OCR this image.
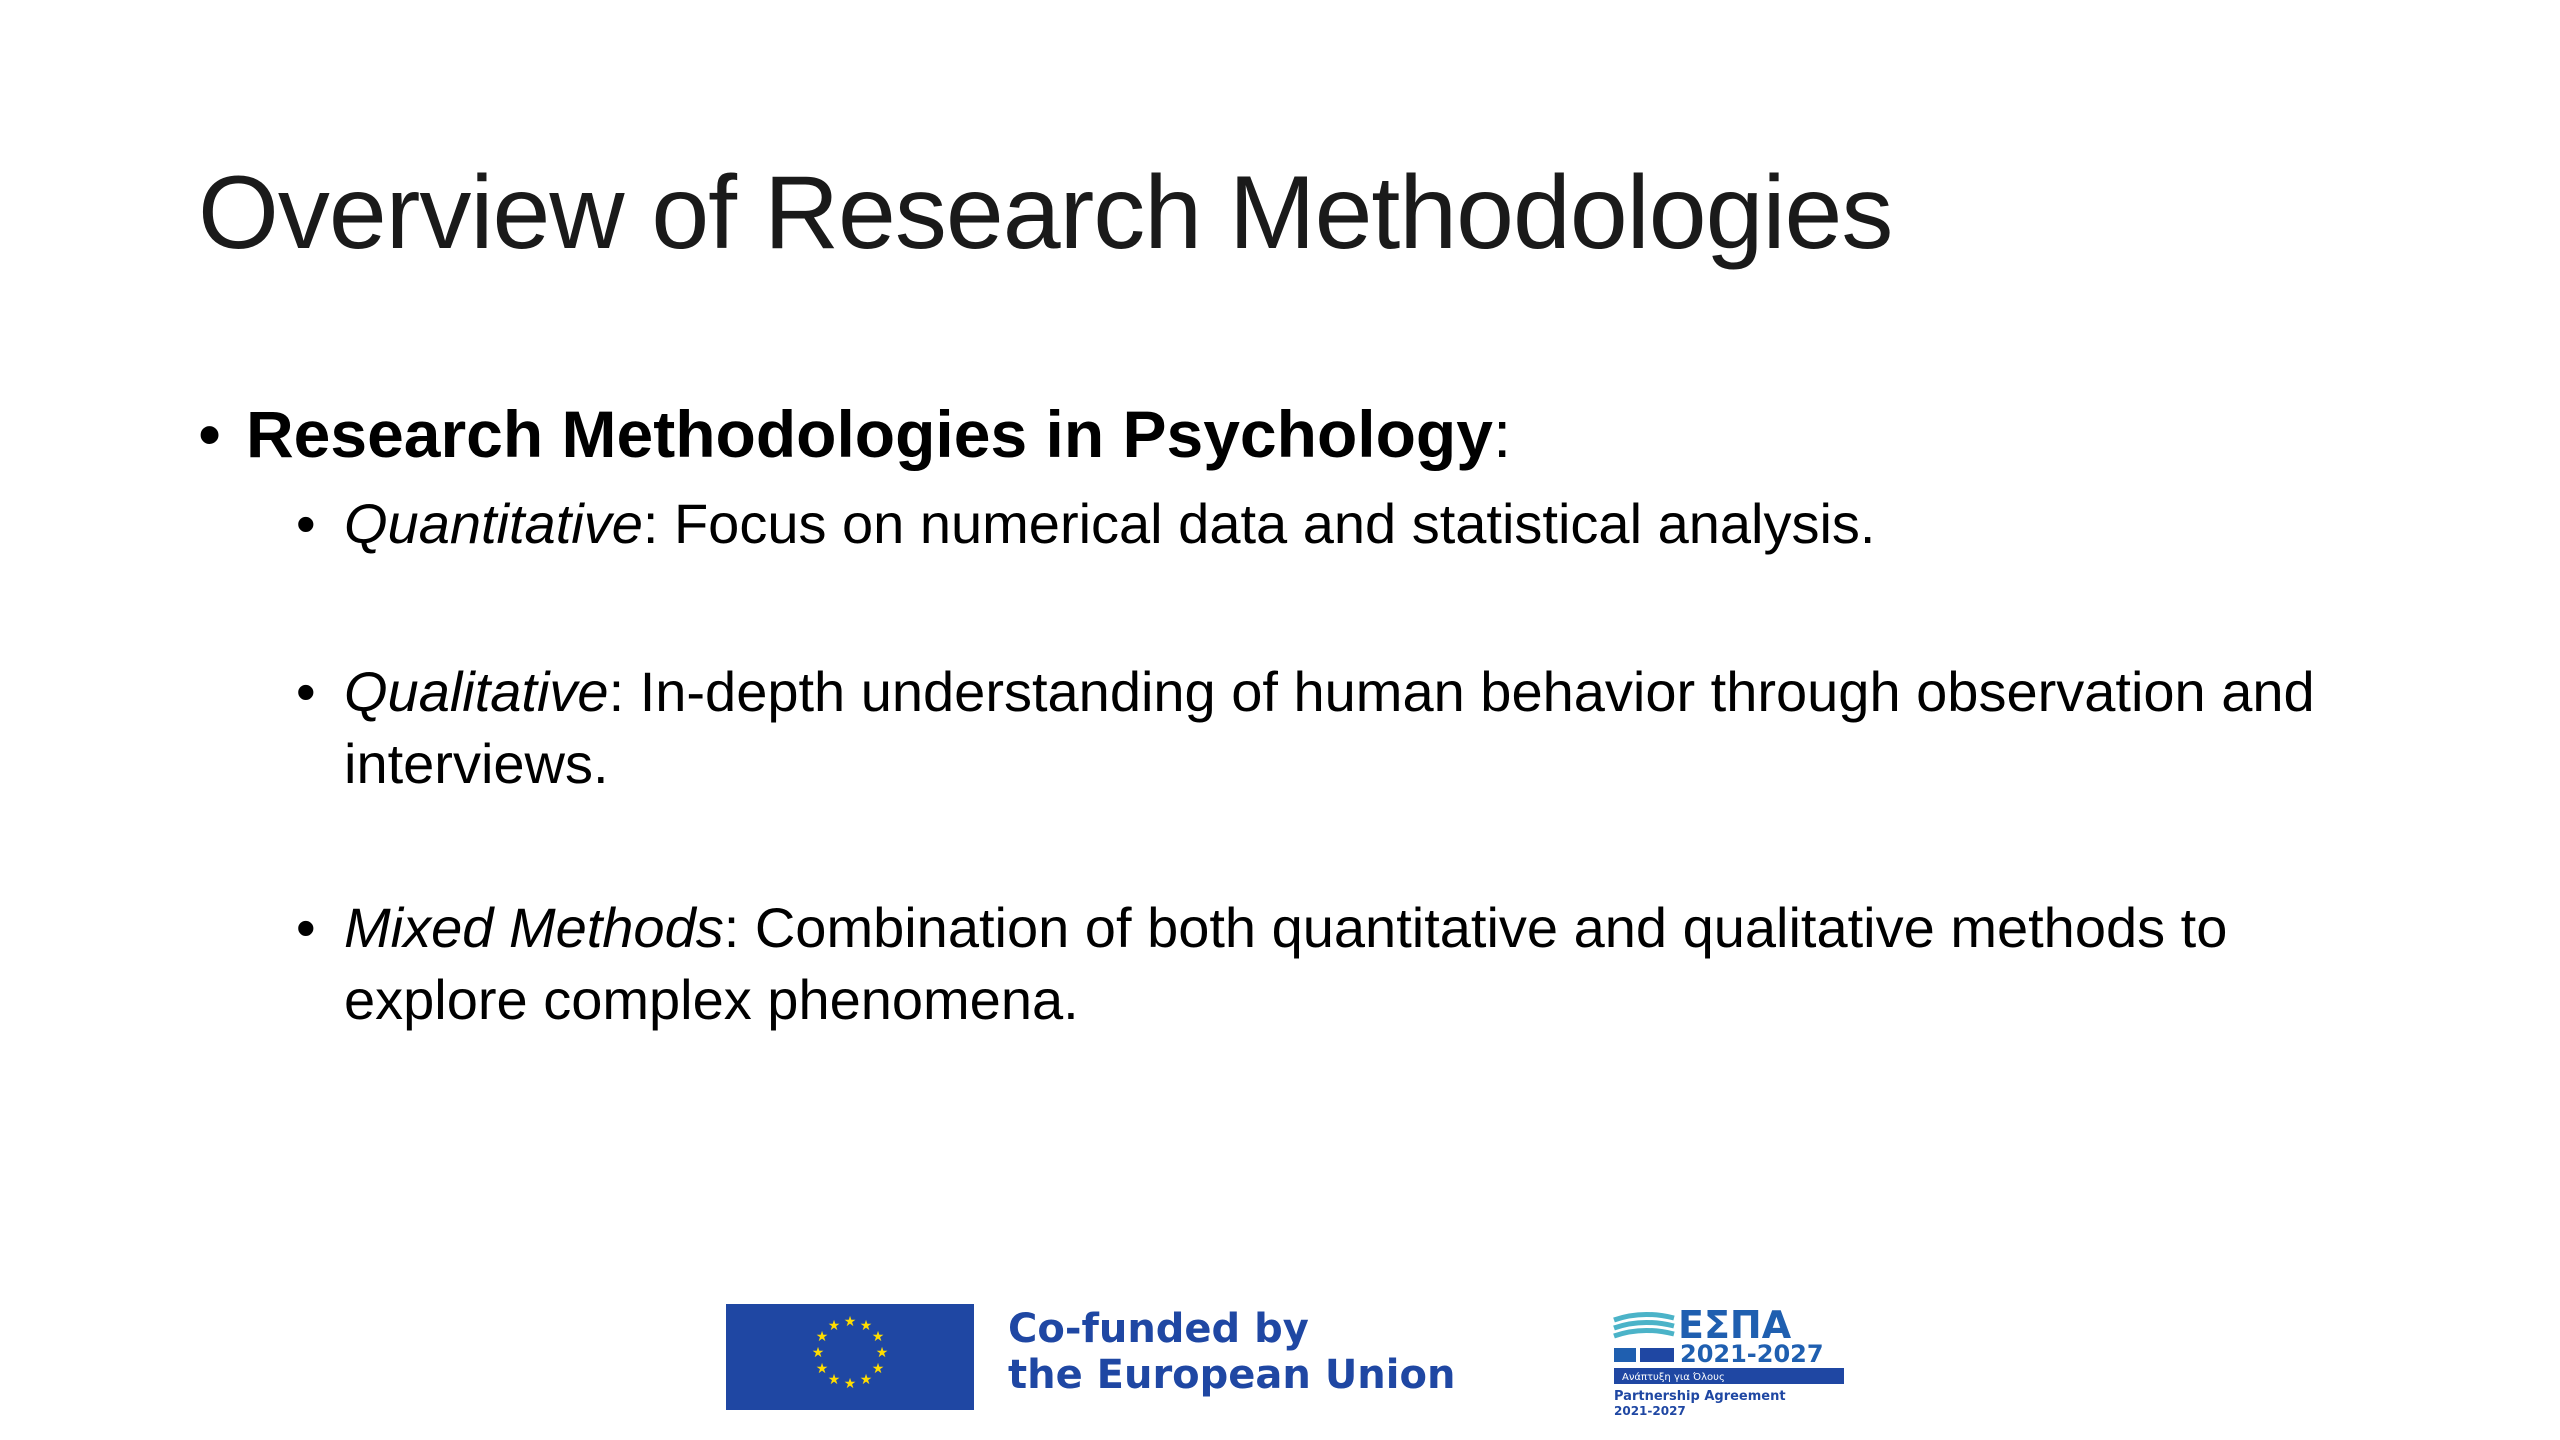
Overview of Research Methodologies
• Research Methodologies in Psychology:
• Quantitative: Focus on numerical data and statistical analysis.
• Qualitative: In-depth understanding of human behavior through observation and interviews.
• Mixed Methods: Combination of both quantitative and qualitative methods to explore complex phenomena.
★ ★
★
★
★
★
★
★
★
★
★
★	Co-funded by
the European Union
ΕΣΠΑ
2021-2027
Ανάπτυξη για Όλους
Partnership Agreement
2021-2027
